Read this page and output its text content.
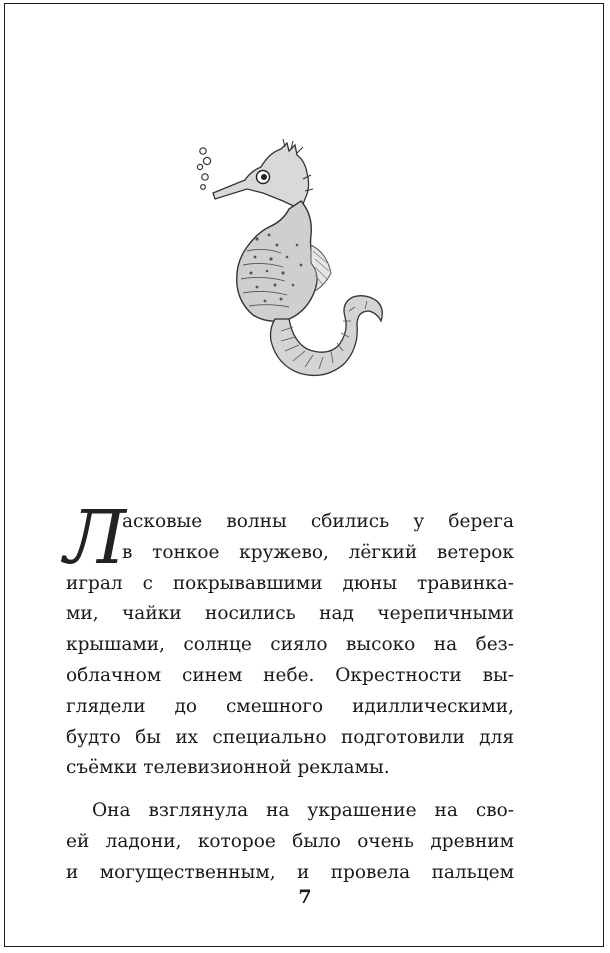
Л
асковые волны сбились у берега
в тонкое кружево, лёгкий ветерок
играл с покрывавшими дюны травинка-
ми, чайки носились над черепичными
крышами, солнце сияло высоко на без-
облачном синем небе. Окрестности вы-
глядели до смешного идиллическими,
будто бы их специально подготовили для
съёмки телевизионной рекламы.
Она взглянула на украшение на сво-
ей ладони, которое было очень древним
и могущественным, и провела пальцем
7
